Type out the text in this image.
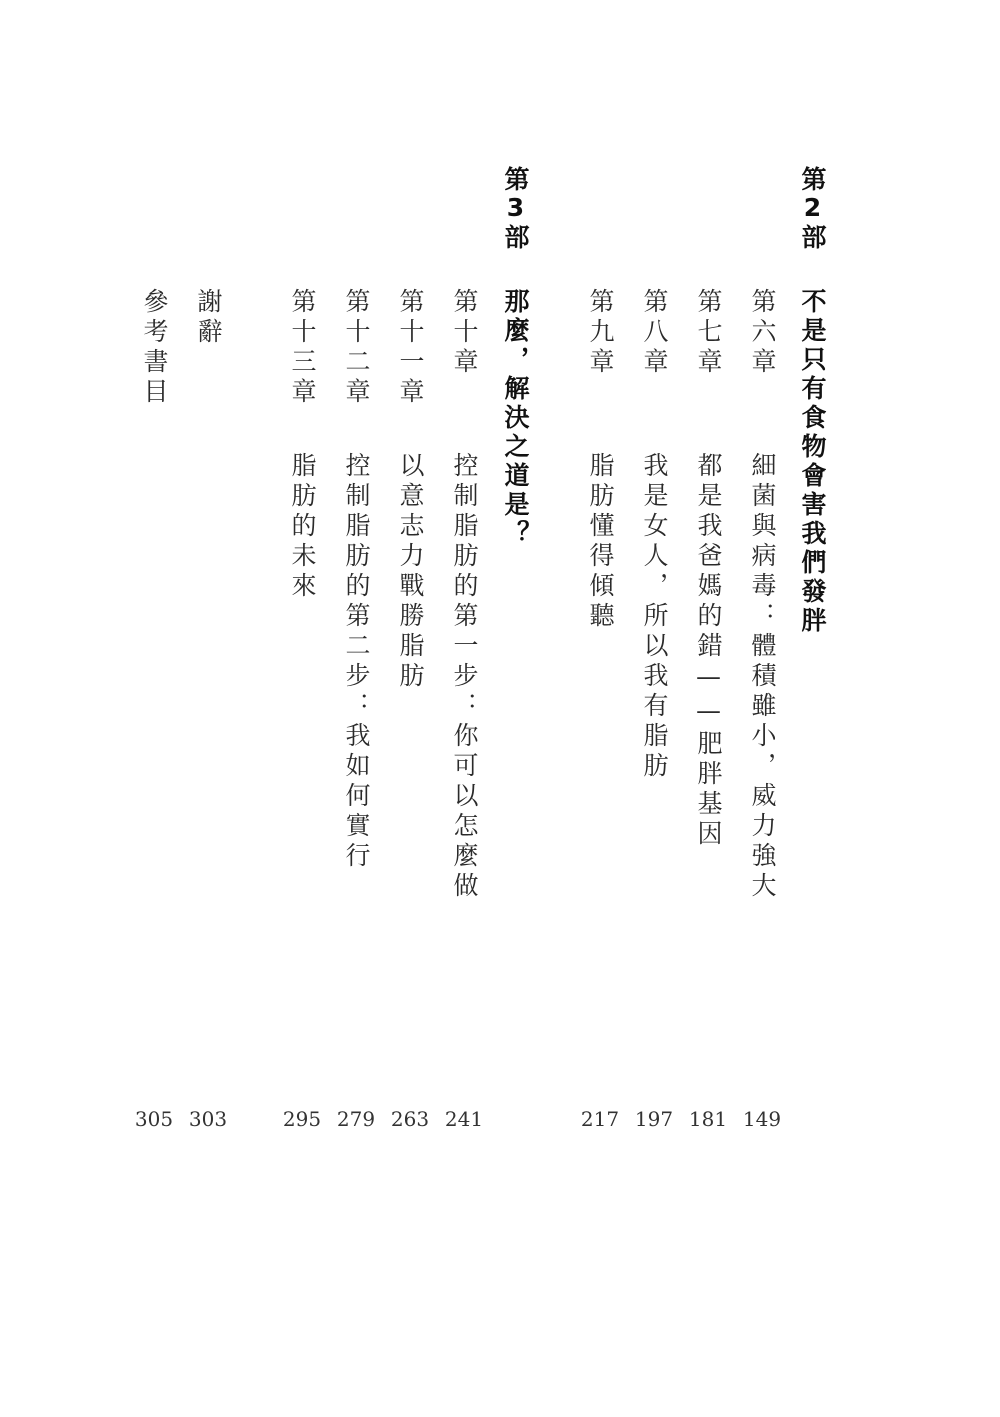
第2部
不是只有食物會害我們發胖
第六章
細菌與病毒：體積雖小，威力強大
149
第七章
都是我爸媽的錯——肥胖基因
181
第八章
我是女人，所以我有脂肪
197
第九章
脂肪懂得傾聽
217
第3部
那麼，解決之道是？
第十章
控制脂肪的第一步：你可以怎麼做
241
第十一章
以意志力戰勝脂肪
263
第十二章
控制脂肪的第二步：我如何實行
279
第十三章
脂肪的未來
295
謝辭
303
參考書目
305
